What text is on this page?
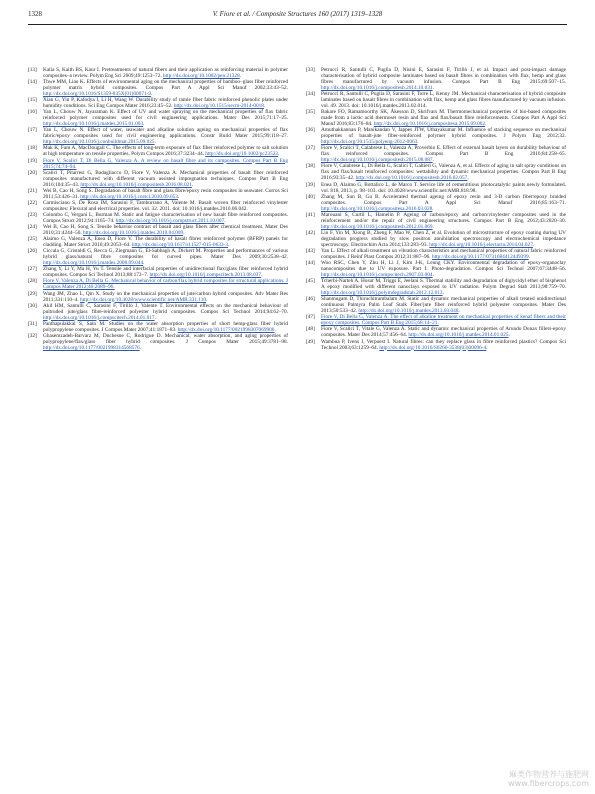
1328	V. Fiore et al. / Composite Structures 160 (2017) 1319–1328
[13]	Kalia S, Kaith BS, Kaur I. Pretreatments of natural fibers and their application as reinforcing material in polymer composites–a review. Polym Eng Sci 2009;49:1253–72. http://dx.doi.org/10.1002/pen.21328.
[14]	Thwe MM, Liao K. Effects of environmental aging on the mechanical properties of bamboo–glass fiber reinforced polymer matrix hybrid composites. Compos Part A Appl Sci Manuf 2002;33:43–52. http://dx.doi.org/10.1016/S1359-835X(01)00071-9.
[15]	Xian G, Yin P, Kafodya I, Li H, Wang W. Durability study of ramie fiber fabric reinforced phenolic plates under humidity conditions. Sci Eng Compos Mater 2016;23:45–52. http://dx.doi.org/10.1515/secm-2014-0018.
[16]	Yan L, Chouw N, Jayaraman K. Effect of UV and water spraying on the mechanical properties of flax fabric reinforced polymer composites used for civil engineering applications. Mater Des 2015;71:17–25. http://dx.doi.org/10.1016/j.matdes.2015.01.003.
[17]	Yan L, Chouw N. Effect of water, seawater and alkaline solution ageing on mechanical properties of flax fabric/epoxy composites used for civil engineering applications. Constr Build Mater 2015;99:118–27. http://dx.doi.org/10.1016/j.conbuildmat.2015.09.025.
[18]	Mak K, Fam A, MacDougall C. The effects of long-term exposure of flax fiber reinforced polymer to salt solution at high temperature on tensile properties. Polym Compos 2016;37:3234–44. http://dx.doi.org/10.1002/pc23522.
[19]	Fiore V, Scalici T, Di Bella G, Valenza A. A review on basalt fibre and its composites. Compos Part B Eng 2015;74:74–94.
[20]	Scalici T, Pitarresi G, Badagliacco D, Fiore V, Valenza A. Mechanical properties of basalt fiber reinforced composites manufactured with different vacuum assisted impregnation techniques. Compos Part B Eng 2016;104:35–43. http://dx.doi.org/10.1016/j.compositesb.2016.08.021.
[21]	Wei B, Cao H, Song S. Degradation of basalt fibre and glass fibre/epoxy resin composites in seawater. Corros Sci 2011;53:426–31. http://dx.doi.org/10.1016/j.corsci.2010.09.053.
[22]	Carmisciano S, De Rosa IM, Sarasini F, Tamburrano A, Valente M. Basalt woven fiber reinforced vinylester composites: Flexural and electrical properties. vol. 32. 2011. doi: 10.1016/j.matdes.2010.06.042.
[23]	Colombo C, Vergani L, Burman M. Static and fatigue characterisation of new basalt fibre reinforced composites. Compos Struct 2012;94:1165–74. http://dx.doi.org/10.1016/j.compstruct.2011.10.007.
[24]	Wei B, Cao H, Song S. Tensile behavior contrast of basalt and glass fibers after chemical treatment. Mater Des 2010;31:4244–50. http://dx.doi.org/10.1016/j.matdes.2010.04.009.
[25]	Alaimo G, Valenza A, Enea D, Fiore V. The durability of basalt fibres reinforced polymer (BFRP) panels for cladding. Mater Struct 2016;49:2053–64. http://dx.doi.org/10.1617/s11527-015-0633-3.
[26]	Ciccala G, Cristaldi G, Recca G, Ziegmann G, El-Sabbagh A, Dickert M. Properties and performances of various hybrid glass/natural fibre composites for curved pipes. Mater Des 2009;30:2538–42. http://dx.doi.org/10.1016/j.matdes.2008.09.044.
[27]	Zhang Y, Li Y, Ma H, Yu T. Tensile and interfacial properties of unidirectional flax/glass fiber reinforced hybrid composites. Compos Sci Technol 2013;88:172–7. http://dx.doi.org/10.1016/j.compscitech.2013.08.037.
[28]	Fiore V, Valenza A, Di Bella G. Mechanical behavior of carbon/flax hybrid composites for structural applications. J Compos Mater 2012;46:2089–96.
[29]	Wang JM, Zhao L, Qin X. Study on the mechanical properties of jute/carbon hybrid composites. Adv Mater Res 2011;331:110–4. http://dx.doi.org/10.4028/www.scientific.net/AMR.331.110.
[30]	Akil HM, Santulli C, Sarasini F, Tirillò J, Valente T. Environmental effects on the mechanical behaviour of pultruded jute/glass fibre-reinforced polyester hybrid composites. Compos Sci Technol 2014;94:62–70. http://dx.doi.org/10.1016/j.compscitech.2014.01.017.
[31]	Panthapulakkal S, Sain M. Studies on the water absorption properties of short hemp-glass fiber hybrid polypropylene composites. J Compos Mater 2007;41:1871–83. http://dx.doi.org/10.1177/0021998307069900.
[32]	Ghasemzadeh-Barvarz M, Duchesne C, Rodrigue D. Mechanical, water absorption, and aging properties of polypropylene/flax/glass fiber hybrid composites. J Compos Mater 2015;49:3781–98. http://dx.doi.org/10.1177/0021998314568576.
[33]	Petrucci R, Santulli C, Puglia D, Nisini E, Sarasini F, Tirillò J, et al. Impact and post-impact damage characterisation of hybrid composite laminates based on basalt fibres in combination with flax, hemp and glass fibres manufactured by vacuum infusion. Compos Part B Eng 2015;69:507–15. http://dx.doi.org/10.1016/j.compositesb.2014.10.031.
[34]	Petrucci R, Santulli C, Puglia D, Sarasini F, Torre L, Kenny JM. Mechanical characterisation of hybrid composite laminates based on basalt fibres in combination with flax, hemp and glass fibres manufactured by vacuum infusion. vol. 49. 2013. doi: 10.1016/j.matdes.2013.02.014.
[35]	Bakare FO, Ramamoorthy SK, Åkesson D, Skrifvars M. Thermomechanical properties of bio-based composites made from a lactic acid thermoset resin and flax and flax/basalt fibre reinforcements. Compos Part A Appl Sci Manuf 2016;83:176–84. http://dx.doi.org/10.1016/j.compositesa.2015.09.002.
[36]	Amuthakkannan P, Manikandan V, Jappes JTW, Uthayakumar M. Influence of stacking sequence on mechanical properties of basalt-jute fiber-reinforced polymer hybrid composites. J Polym Eng 2012;32. http://dx.doi.org/10.1515/polyeng-2012-0063.
[37]	Fiore V, Scalici T, Calabrese L, Valenza A, Proverbio E. Effect of external basalt layers on durability behaviour of flax reinforced composites. Compos Part B Eng 2016;84:258–65. http://dx.doi.org/10.1016/j.compositesb.2015.08.087.
[38]	Fiore V, Calabrese L, Di Bella G, Scalici T, Galtieri G, Valenza A, et al. Effects of aging in salt spray conditions on flax and flax/basalt reinforced composites: wettability and dynamic mechanical properties. Compos Part B Eng 2016;93:35–42. http://dx.doi.org/10.1016/j.compositesb.2016.02.057.
[39]	Enea D, Alaimo G, Bottalico L, de Marco T. Service life of cementitious photocatalytic paints newly formulated. vol. 818, 2013, p. 98–103. doi: 10.4028/www.scientific.net/AMR.818.98.
[40]	Zhang M, Sun B, Gu B. Accelerated thermal ageing of epoxy resin and 3-D carbon fiber/epoxy braided composites. Compos Part A Appl Sci Manuf 2016;85:163–71. http://dx.doi.org/10.1016/j.compositesa.2016.03.028.
[41]	Marouani S, Curtil L, Hamelin P. Ageing of carbon/epoxy and carbon/vinylester composites used in the reinforcement and/or the repair of civil engineering structures. Compos Part B Eng 2012;43:2020–30. http://dx.doi.org/10.1016/j.compositesb.2012.01.069.
[42]	Liu F, Yin M, Xiong B, Zheng F, Mao W, Chen Z, et al. Evolution of microstructure of epoxy coating during UV degradation progress studied by slow positron annihilation spectroscopy and electrochemical impedance spectroscopy. Electrochim Acta 2014;133:283–93. http://dx.doi.org/10.1016/j.electacta.2014.04.027.
[43]	Yan L. Effect of alkali treatment on vibration characteristics and mechanical properties of natural fabric reinforced composites. J Reinf Plast Compos 2012;31:887–96. http://dx.doi.org/10.1177/0731684412449399.
[44]	Woo RSC, Chen Y, Zhu H, Li J, Kim J-K, Leung CKY. Environmental degradation of epoxy-organoclay nanocomposites due to UV exposure. Part I: Photo-degradation. Compos Sci Technol 2007;67:3448–56. http://dx.doi.org/10.1016/j.compscitech.2007.03.004.
[45]	Tcherbi-Narteh A, Hosur M, Triggs E, Jeelani S. Thermal stability and degradation of diglycidyl ether of bisphenol A epoxy modified with different nanoclays exposed to UV radiation. Polym Degrad Stab 2013;98:759–70. http://dx.doi.org/10.1016/j.polymdegradstab.2012.12.013.
[46]	Shanmugam D, Thiruchitrambalam M. Static and dynamic mechanical properties of alkali treated unidirectional continuous Palmyra Palm Leaf Stalk Fiber/jute fiber reinforced hybrid polyester composites. Mater Des 2013;50:533–42. http://dx.doi.org/10.1016/j.matdes.2013.03.048.
[47]	Fiore V, Di Bella G, Valenza A. The effect of alkaline treatment on mechanical properties of kenaf fibers and their epoxy composites. Compos Part B Eng 2015;68:14–21.
[48]	Fiore V, Scalici T, Vitale G, Valenza A. Static and dynamic mechanical properties of Arundo Donax fillers-epoxy composites. Mater Des 2014;57:456–64. http://dx.doi.org/10.1016/j.matdes.2014.01.025.
[49]	Wambua P, Ivens J, Verpoest I. Natural fibres: can they replace glass in fibre reinforced plastics? Compos Sci Technol 2003;63:1259–64. http://dx.doi.org/10.1016/S0266-3538(03)00096-4.
麻类作物营养与施肥网
www.fibercrops.com
